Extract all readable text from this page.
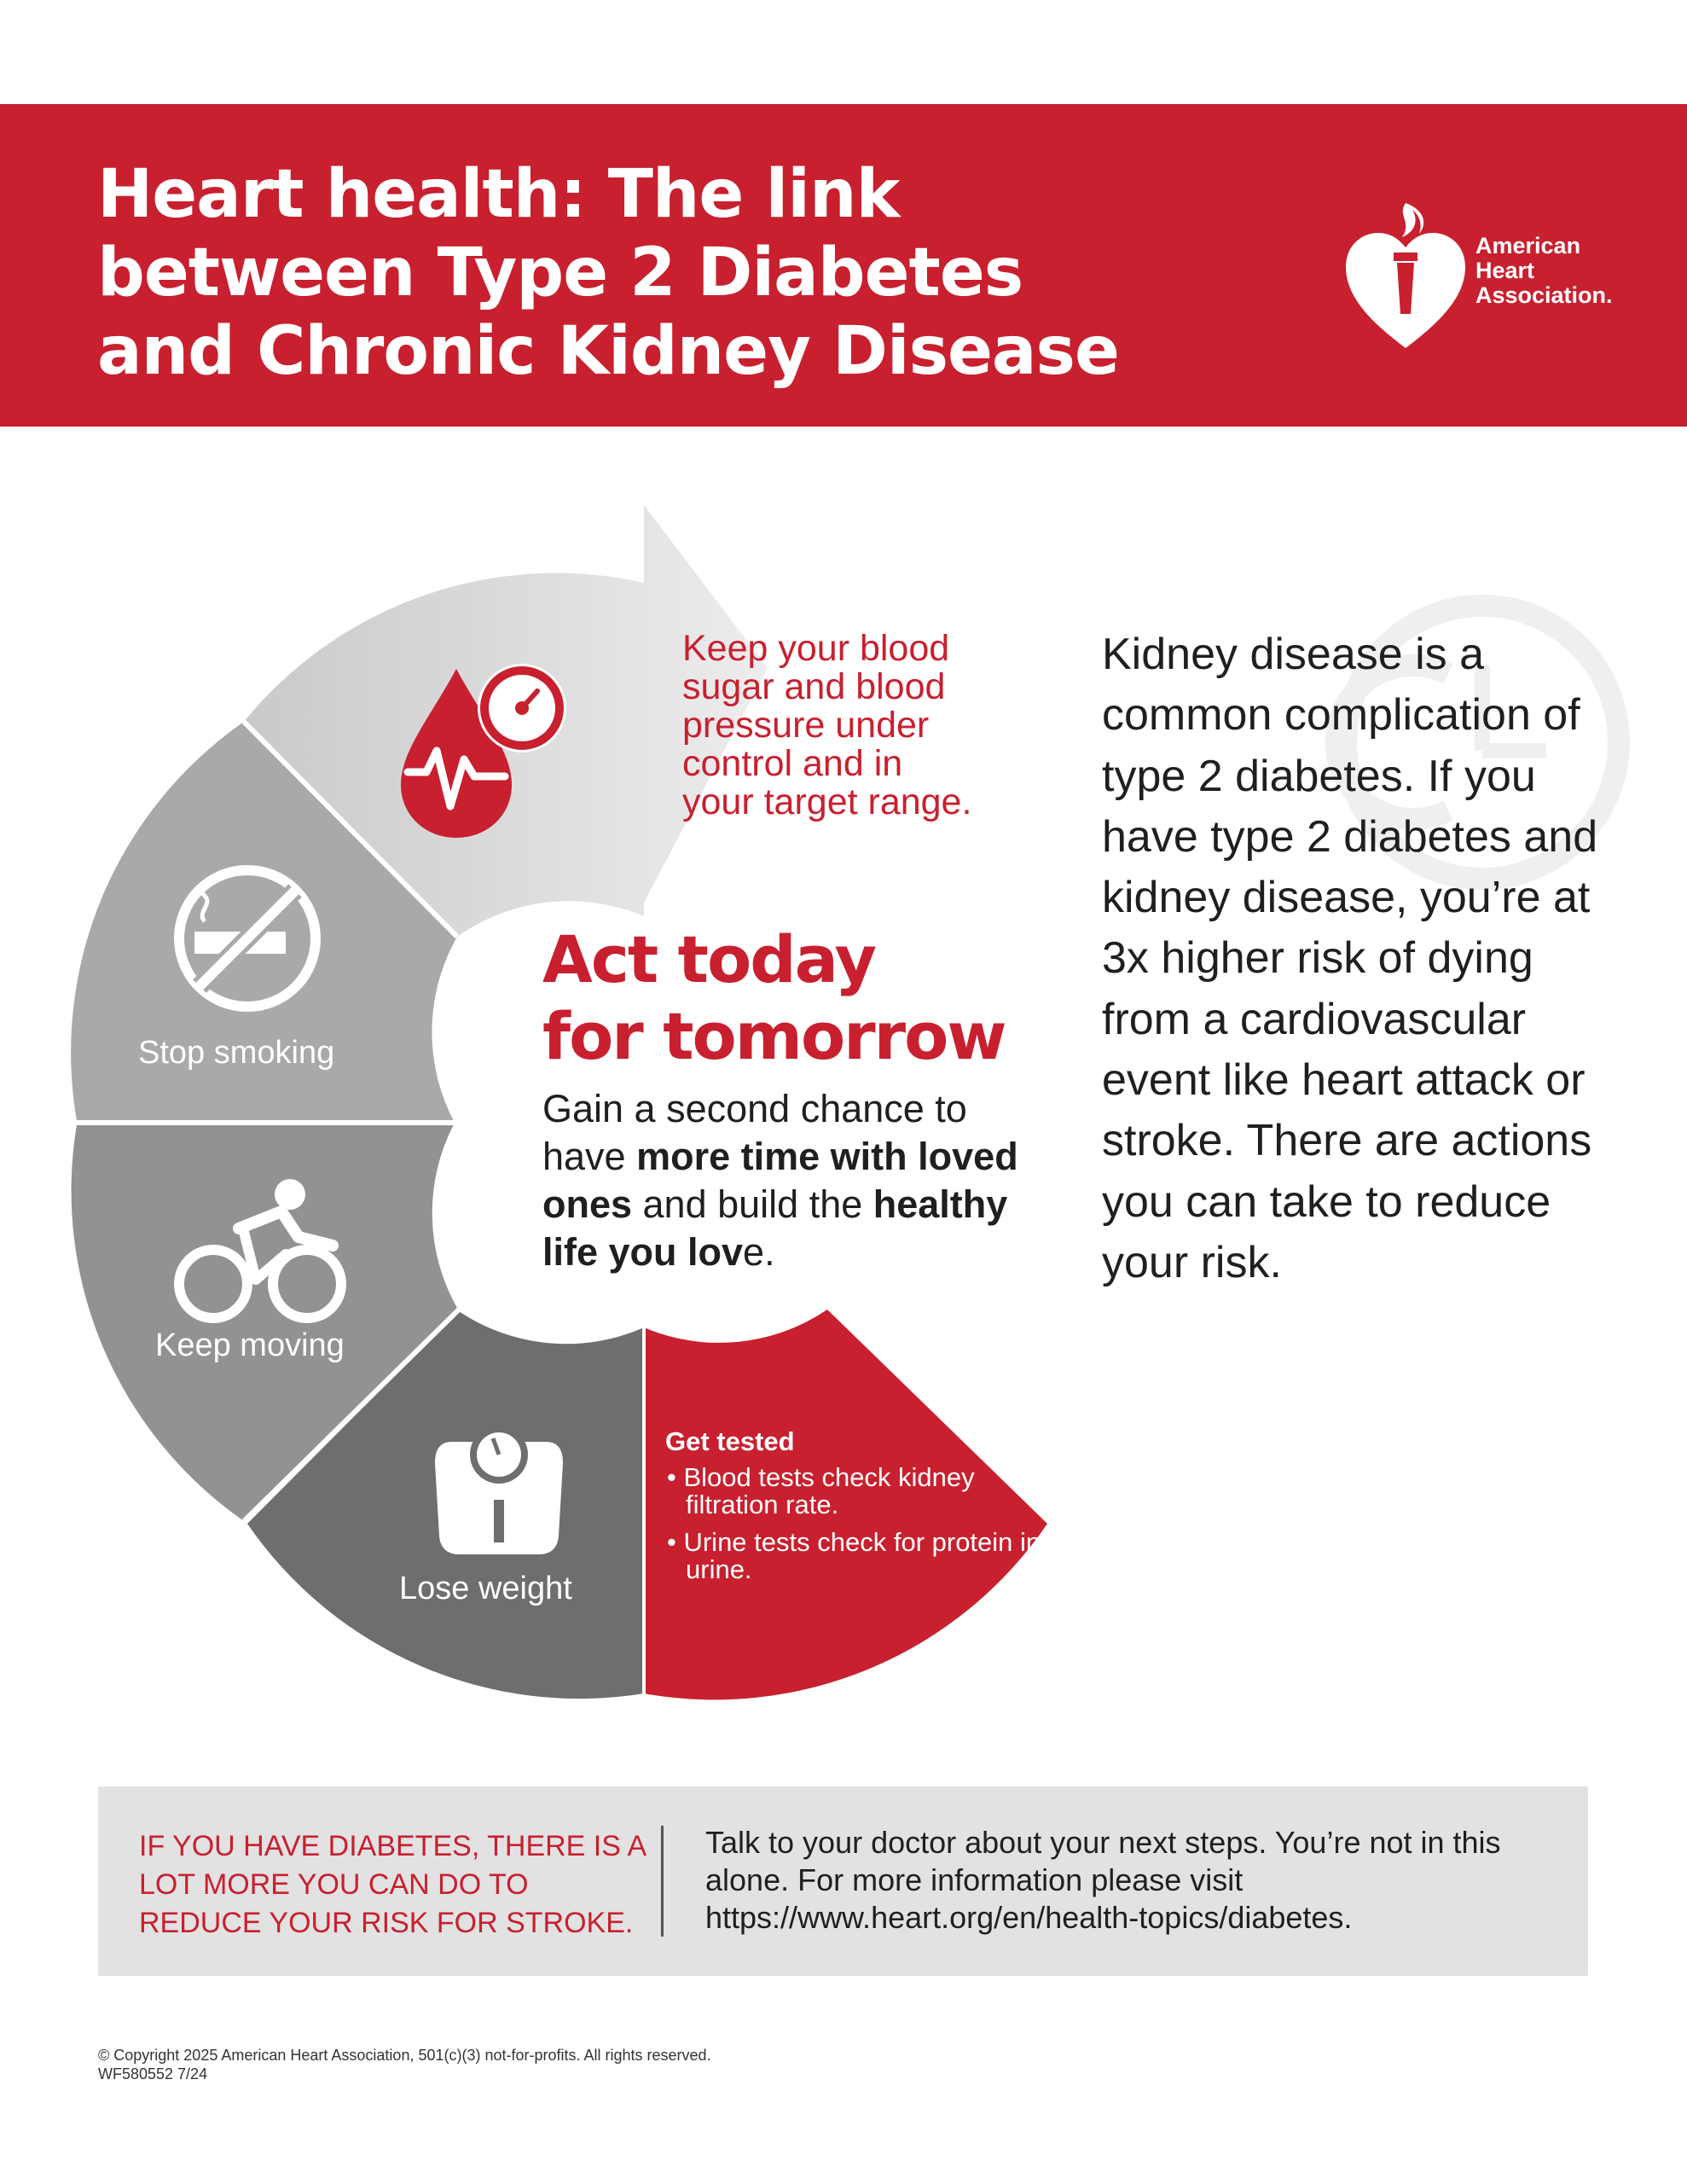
Heart health: The link
between Type 2 Diabetes
and Chronic Kidney Disease
American
Heart
Association.
Stop smoking
Keep moving
Lose weight
Keep your blood
sugar and blood
pressure under
control and in
your target range.
Act today
for tomorrow
Gain a second chance to have more time with loved ones and build the healthy life you love.
Get tested
• Blood tests check kidney filtration rate.
• Urine tests check for protein in urine.
Kidney disease is a common complication of type 2 diabetes. If you have type 2 diabetes and kidney disease, you’re at 3x higher risk of dying from a cardiovascular event like heart attack or stroke. There are actions you can take to reduce your risk.
IF YOU HAVE DIABETES, THERE IS A LOT MORE YOU CAN DO TO REDUCE YOUR RISK FOR STROKE.
Talk to your doctor about your next steps. You’re not in this alone. For more information please visit https://www.heart.org/en/health-topics/diabetes.
© Copyright 2025 American Heart Association, 501(c)(3) not-for-profits. All rights reserved.
WF580552 7/24
